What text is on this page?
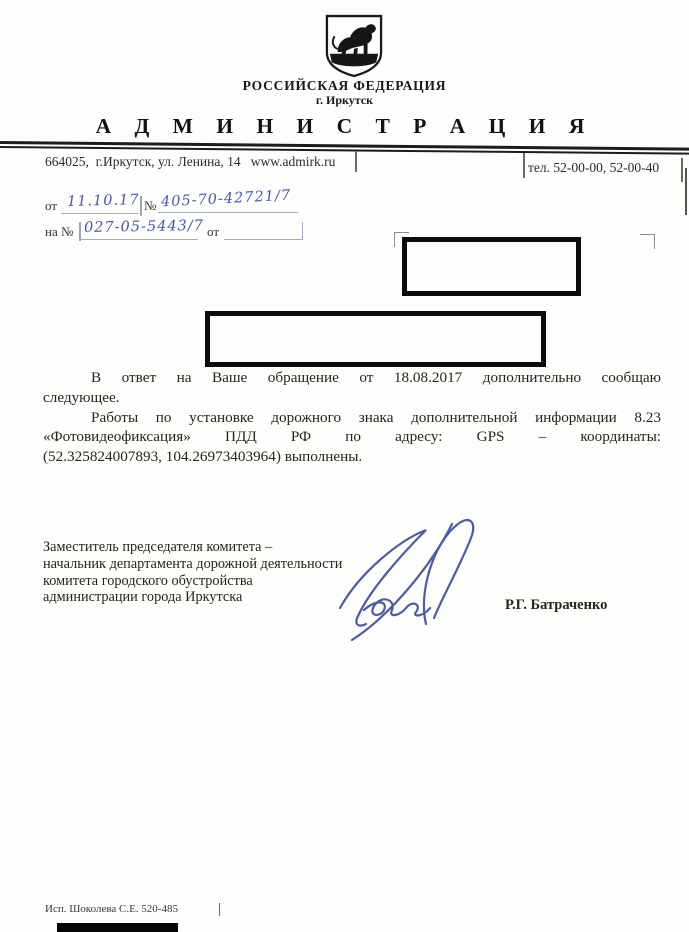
РОССИЙСКАЯ ФЕДЕРАЦИЯ
г. Иркутск
А Д М И Н И С Т Р А Ц И Я
664025,  г.Иркутск, ул. Ленина, 14   www.admirk.ru	тел. 52-00-00, 52-00-40
от 11.10.17 № 405-70-42721/7
на № 027-05-5443/7 от
В ответ на Ваше обращение от 18.08.2017 дополнительно сообщаю
следующее.
Работы по установке дорожного знака дополнительной информации 8.23
«Фотовидеофиксация» ПДД РФ по адресу: GPS – координаты:
(52.325824007893, 104.26973403964) выполнены.
Заместитель председателя комитета –
начальник департамента дорожной деятельности
комитета городского обустройства
администрации города Иркутска	Р.Г. Батраченко
Исп. Шоколева С.Е. 520-485
